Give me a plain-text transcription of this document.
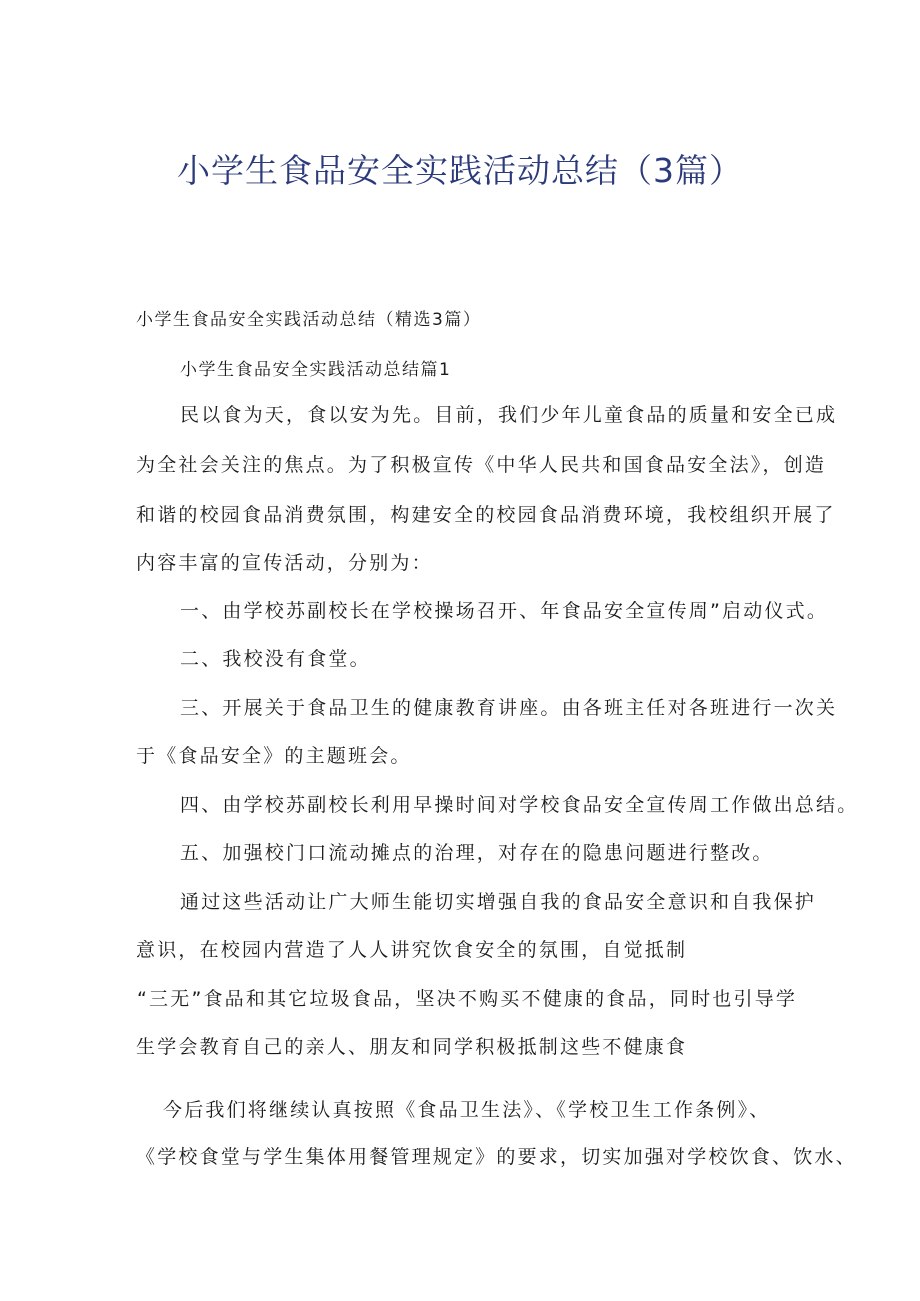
小学生食品安全实践活动总结（3篇）
小学生食品安全实践活动总结（精选3篇）
小学生食品安全实践活动总结篇1
民以食为天，食以安为先。目前，我们少年儿童食品的质量和安全已成
为全社会关注的焦点。为了积极宣传《中华人民共和国食品安全法》，创造
和谐的校园食品消费氛围，构建安全的校园食品消费环境，我校组织开展了
内容丰富的宣传活动，分别为：
一、由学校苏副校长在学校操场召开、年食品安全宣传周”启动仪式。
二、我校没有食堂。
三、开展关于食品卫生的健康教育讲座。由各班主任对各班进行一次关
于《食品安全》的主题班会。
四、由学校苏副校长利用早操时间对学校食品安全宣传周工作做出总结。
五、加强校门口流动摊点的治理，对存在的隐患问题进行整改。
通过这些活动让广大师生能切实增强自我的食品安全意识和自我保护
意识，在校园内营造了人人讲究饮食安全的氛围，自觉抵制
“三无”食品和其它垃圾食品，坚决不购买不健康的食品，同时也引导学
生学会教育自己的亲人、朋友和同学积极抵制这些不健康食
今后我们将继续认真按照《食品卫生法》、《学校卫生工作条例》、
《学校食堂与学生集体用餐管理规定》的要求，切实加强对学校饮食、饮水、
